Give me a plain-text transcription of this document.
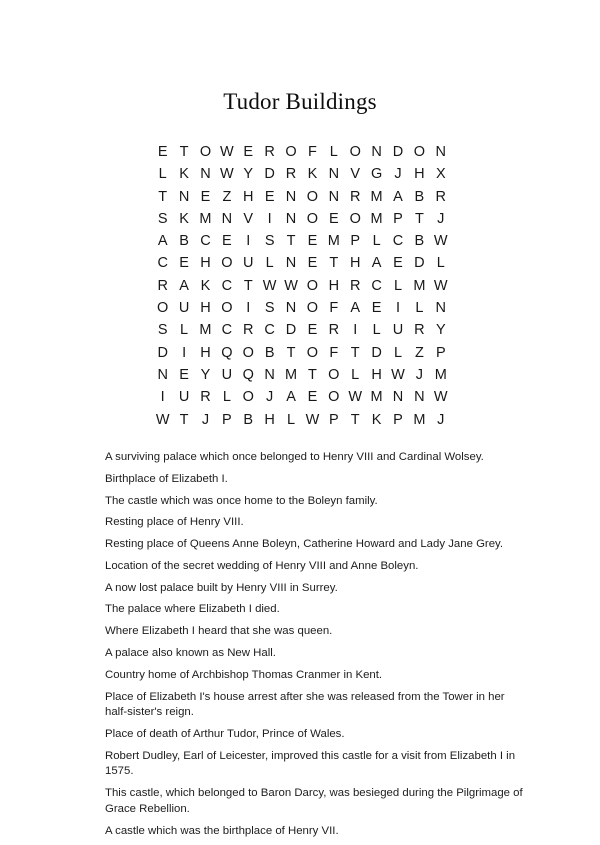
Tudor Buildings
E T O W E R O F L O N D O N
L K N W Y D R K N V G J H X
T N E Z H E N O N R M A B R
S K M N V	I N O E O M P T J
A B C E	I	S T E M P L C B W
C E H O U L N E T H A E D L
R A K C T W W O H R C L M W
O U H O I	S N O F A E	I	L N
S L M C R C D E R I	L U R Y
D I H Q O B T O F T D L Z P
N E Y U Q N M T O L H W J M
I U R L O J A E O W M N N W
W T J P B H L W P T K P M J
A surviving palace which once belonged to Henry VIII and Cardinal Wolsey.
Birthplace of Elizabeth I.
The castle which was once home to the Boleyn family.
Resting place of Henry VIII.
Resting place of Queens Anne Boleyn, Catherine Howard and Lady Jane Grey.
Location of the secret wedding of Henry VIII and Anne Boleyn.
A now lost palace built by Henry VIII in Surrey.
The palace where Elizabeth I died.
Where Elizabeth I heard that she was queen.
A palace also known as New Hall.
Country home of Archbishop Thomas Cranmer in Kent.
Place of Elizabeth I's house arrest after she was released from the Tower in her half-sister's reign.
Place of death of Arthur Tudor, Prince of Wales.
Robert Dudley, Earl of Leicester, improved this castle for a visit from Elizabeth I in 1575.
This castle, which belonged to Baron Darcy, was besieged during the Pilgrimage of Grace Rebellion.
A castle which was the birthplace of Henry VII.
